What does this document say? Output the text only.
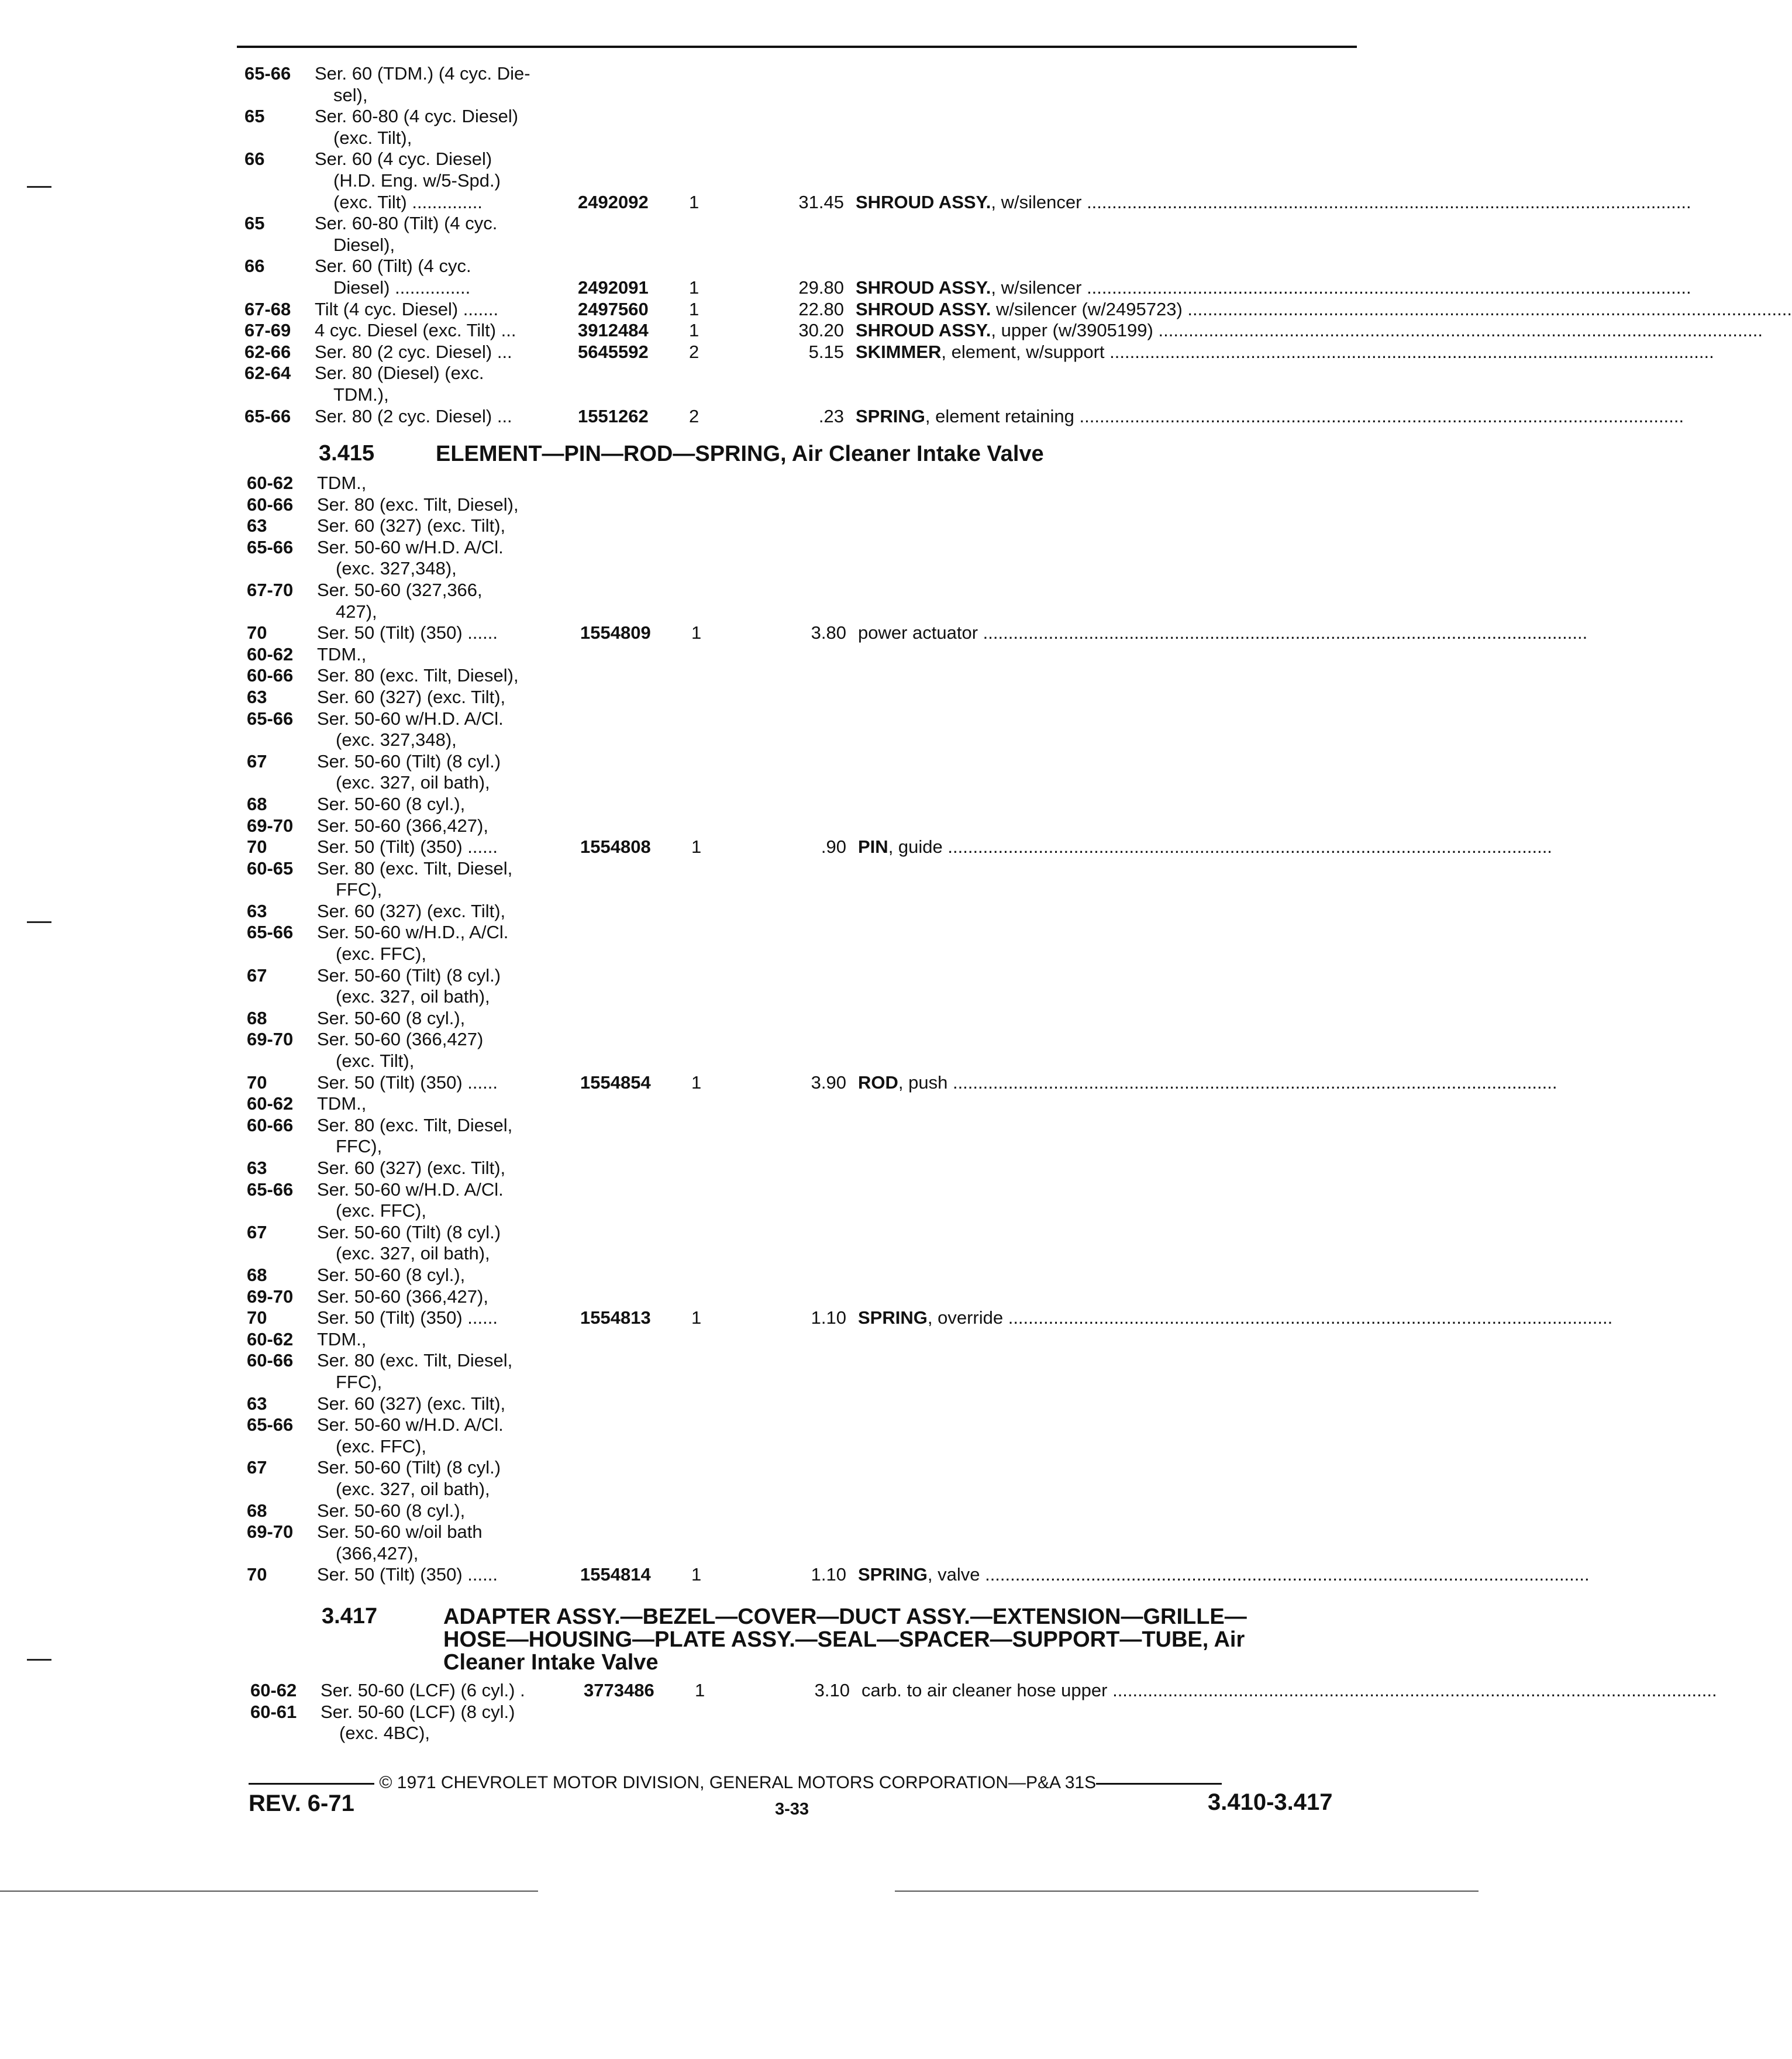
65-66 Ser. 60 (TDM.) (4 cyc. Die-
sel),
65	Ser. 60-80 (4 cyc. Diesel)
(exc. Tilt),
66	Ser. 60 (4 cyc. Diesel)
(H.D. Eng. w/5-Spd.)
(exc. Tilt) ..............	2492092 1	31.45 SHROUD ASSY., w/silencer ........................................................................................................................
65	Ser. 60-80 (Tilt) (4 cyc.
Diesel),
66	Ser. 60 (Tilt) (4 cyc.
Diesel) ...............	2492091 1	29.80 SHROUD ASSY., w/silencer ........................................................................................................................
67-68 Tilt (4 cyc. Diesel) .......	2497560 1	22.80 SHROUD ASSY. w/silencer (w/2495723) ........................................................................................................................
67-69 4 cyc. Diesel (exc. Tilt) ...	3912484 1	30.20 SHROUD ASSY., upper (w/3905199) ........................................................................................................................
62-66 Ser. 80 (2 cyc. Diesel) ...	5645592 2	5.15 SKIMMER, element, w/support ........................................................................................................................
62-64 Ser. 80 (Diesel) (exc.
TDM.),
65-66 Ser. 80 (2 cyc. Diesel) ...	1551262 2	.23 SPRING, element retaining ........................................................................................................................
3.415	ELEMENT—PIN—ROD—SPRING, Air Cleaner Intake Valve
60-62 TDM.,
60-66 Ser. 80 (exc. Tilt, Diesel),
63	Ser. 60 (327) (exc. Tilt),
65-66 Ser. 50-60 w/H.D. A/Cl.
(exc. 327,348),
67-70 Ser. 50-60 (327,366,
427),
70	Ser. 50 (Tilt) (350) ......	1554809 1	3.80 power actuator ........................................................................................................................
60-62 TDM.,
60-66 Ser. 80 (exc. Tilt, Diesel),
63	Ser. 60 (327) (exc. Tilt),
65-66 Ser. 50-60 w/H.D. A/Cl.
(exc. 327,348),
67	Ser. 50-60 (Tilt) (8 cyl.)
(exc. 327, oil bath),
68	Ser. 50-60 (8 cyl.),
69-70 Ser. 50-60 (366,427),
70	Ser. 50 (Tilt) (350) ......	1554808 1	.90 PIN, guide ........................................................................................................................
60-65 Ser. 80 (exc. Tilt, Diesel,
FFC),
63	Ser. 60 (327) (exc. Tilt),
65-66 Ser. 50-60 w/H.D., A/Cl.
(exc. FFC),
67	Ser. 50-60 (Tilt) (8 cyl.)
(exc. 327, oil bath),
68	Ser. 50-60 (8 cyl.),
69-70 Ser. 50-60 (366,427)
(exc. Tilt),
70	Ser. 50 (Tilt) (350) ......	1554854 1	3.90 ROD, push ........................................................................................................................
60-62 TDM.,
60-66 Ser. 80 (exc. Tilt, Diesel,
FFC),
63	Ser. 60 (327) (exc. Tilt),
65-66 Ser. 50-60 w/H.D. A/Cl.
(exc. FFC),
67	Ser. 50-60 (Tilt) (8 cyl.)
(exc. 327, oil bath),
68	Ser. 50-60 (8 cyl.),
69-70 Ser. 50-60 (366,427),
70	Ser. 50 (Tilt) (350) ......	1554813 1	1.10 SPRING, override ........................................................................................................................
60-62 TDM.,
60-66 Ser. 80 (exc. Tilt, Diesel,
FFC),
63	Ser. 60 (327) (exc. Tilt),
65-66 Ser. 50-60 w/H.D. A/Cl.
(exc. FFC),
67	Ser. 50-60 (Tilt) (8 cyl.)
(exc. 327, oil bath),
68	Ser. 50-60 (8 cyl.),
69-70 Ser. 50-60 w/oil bath
(366,427),
70	Ser. 50 (Tilt) (350) ......	1554814 1	1.10 SPRING, valve ........................................................................................................................
3.417	ADAPTER ASSY.—BEZEL—COVER—DUCT ASSY.—EXTENSION—GRILLE—
HOSE—HOUSING—PLATE ASSY.—SEAL—SPACER—SUPPORT—TUBE, Air
Cleaner Intake Valve
60-62 Ser. 50-60 (LCF) (6 cyl.) .	3773486 1	3.10 carb. to air cleaner hose upper ........................................................................................................................
60-61 Ser. 50-60 (LCF) (8 cyl.)
(exc. 4BC),
© 1971 CHEVROLET MOTOR DIVISION, GENERAL MOTORS CORPORATION—P&A 31S
REV. 6-71	3-33	3.410-3.417
